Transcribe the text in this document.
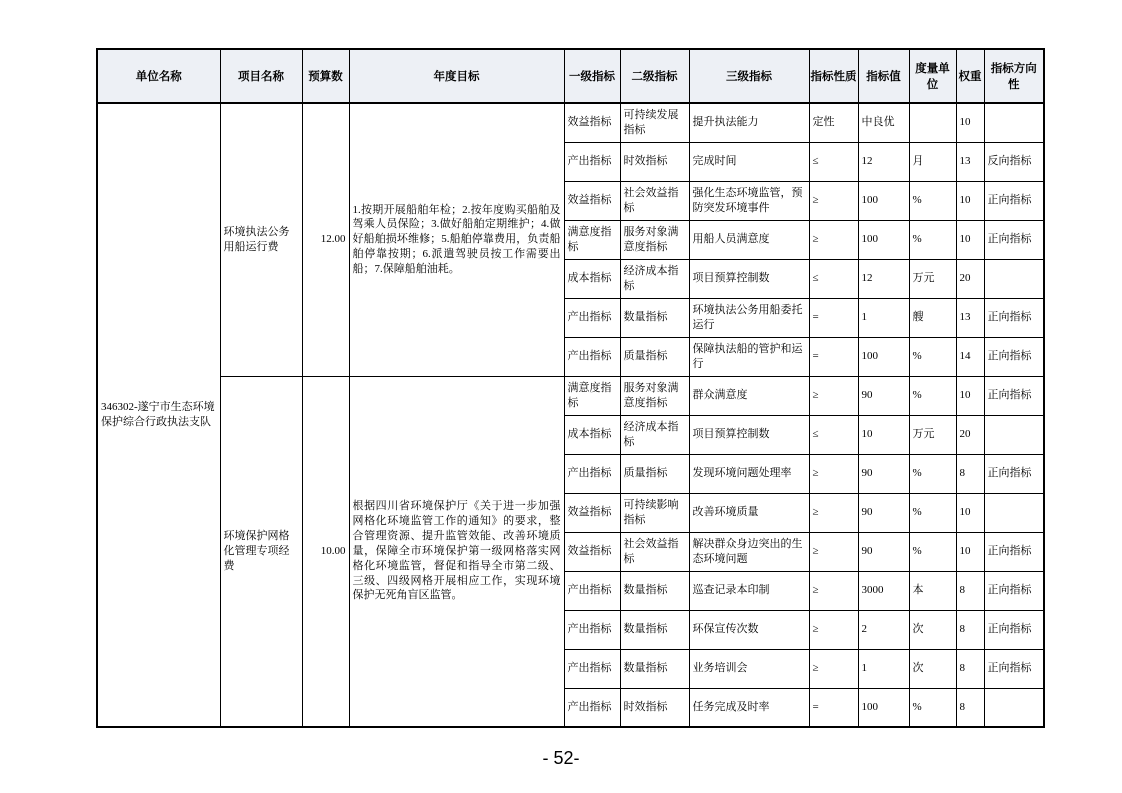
单位名称	项目名称	预算数	年度目标	一级指标	二级指标	三级指标	指标性质	指标值	度量单位	权重	指标方向性
346302-遂宁市生态环境保护综合行政执法支队	环境执法公务用船运行费	12.00	1.按期开展船舶年检；2.按年度购买船舶及驾乘人员保险；3.做好船舶定期维护；4.做好船舶损坏维修；5.船舶停靠费用，负责船舶停靠按期；6.派遣驾驶员按工作需要出船；7.保障船舶油耗。	效益指标	可持续发展指标	提升执法能力	定性	中良优		10	
				产出指标	时效指标	完成时间	≤	12	月	13	反向指标
				效益指标	社会效益指标	强化生态环境监管，预防突发环境事件	≥	100	%	10	正向指标
				满意度指标	服务对象满意度指标	用船人员满意度	≥	100	%	10	正向指标
				成本指标	经济成本指标	项目预算控制数	≤	12	万元	20	
				产出指标	数量指标	环境执法公务用船委托运行	=	1	艘	13	正向指标
				产出指标	质量指标	保障执法船的管护和运行	=	100	%	14	正向指标
	环境保护网格化管理专项经费	10.00	根据四川省环境保护厅《关于进一步加强网格化环境监管工作的通知》的要求，整合管理资源、提升监管效能、改善环境质量，保障全市环境保护第一级网格落实网格化环境监管，督促和指导全市第二级、三级、四级网格开展相应工作，实现环境保护无死角盲区监管。	满意度指标	服务对象满意度指标	群众满意度	≥	90	%	10	正向指标
				成本指标	经济成本指标	项目预算控制数	≤	10	万元	20	
				产出指标	质量指标	发现环境问题处理率	≥	90	%	8	正向指标
				效益指标	可持续影响指标	改善环境质量	≥	90	%	10	
				效益指标	社会效益指标	解决群众身边突出的生态环境问题	≥	90	%	10	正向指标
				产出指标	数量指标	巡查记录本印制	≥	3000	本	8	正向指标
				产出指标	数量指标	环保宣传次数	≥	2	次	8	正向指标
				产出指标	数量指标	业务培训会	≥	1	次	8	正向指标
				产出指标	时效指标	任务完成及时率	=	100	%	8	
- 52-
